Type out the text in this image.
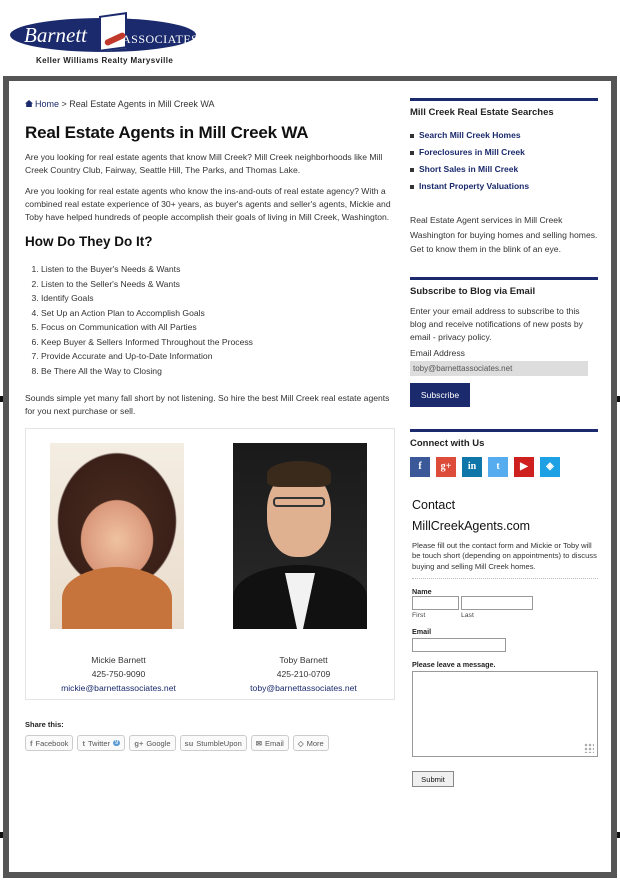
Barnett	ASSOCIATES
Keller Williams Realty Marysville
Home > Real Estate Agents in Mill Creek WA
Real Estate Agents in Mill Creek WA

Are you looking for real estate agents that know Mill Creek? Mill Creek neighborhoods like Mill Creek Country Club, Fairway, Seattle Hill, The Parks, and Thomas Lake.

Are you looking for real estate agents who know the ins-and-outs of real estate agency? With a combined real estate experience of 30+ years, as buyer's agents and seller's agents, Mickie and Toby have helped hundreds of people accomplish their goals of living in Mill Creek, Washington.

How Do They Do It?
1. Listen to the Buyer's Needs & Wants
2. Listen to the Seller's Needs & Wants
3. Identify Goals
4. Set Up an Action Plan to Accomplish Goals
5. Focus on Communication with All Parties
6. Keep Buyer & Sellers Informed Throughout the Process
7. Provide Accurate and Up-to-Date Information
8. Be There All the Way to Closing

Sounds simple yet many fall short by not listening. So hire the best Mill Creek real estate agents for you next purchase or sell.

Mickie Barnett
425-750-9090
mickie@barnettassociates.net
Toby Barnett
425-210-0709
toby@barnettassociates.net
Share this:
f Facebook t Twitter 9 g+ Google su StumbleUpon ✉ Email ◇ More
Mill Creek Real Estate Searches
Search Mill Creek Homes
Foreclosures in Mill Creek
Short Sales in Mill Creek
Instant Property Valuations

Real Estate Agent services in Mill Creek Washington for buying homes and selling homes. Get to know them in the blink of an eye.

Subscribe to Blog via Email

Enter your email address to subscribe to this blog and receive notifications of new posts by email - privacy policy.

Email Address
toby@barnettassociates.net Subscribe
Connect with Us
f	g+	in	t	▶	◈
Contact
MillCreekAgents.com

Please fill out the contact form and Mickie or Toby will be touch short (depending on appointments) to discuss buying and selling Mill Creek homes.

Name
First	Last
Email
Please leave a message.
Submit
